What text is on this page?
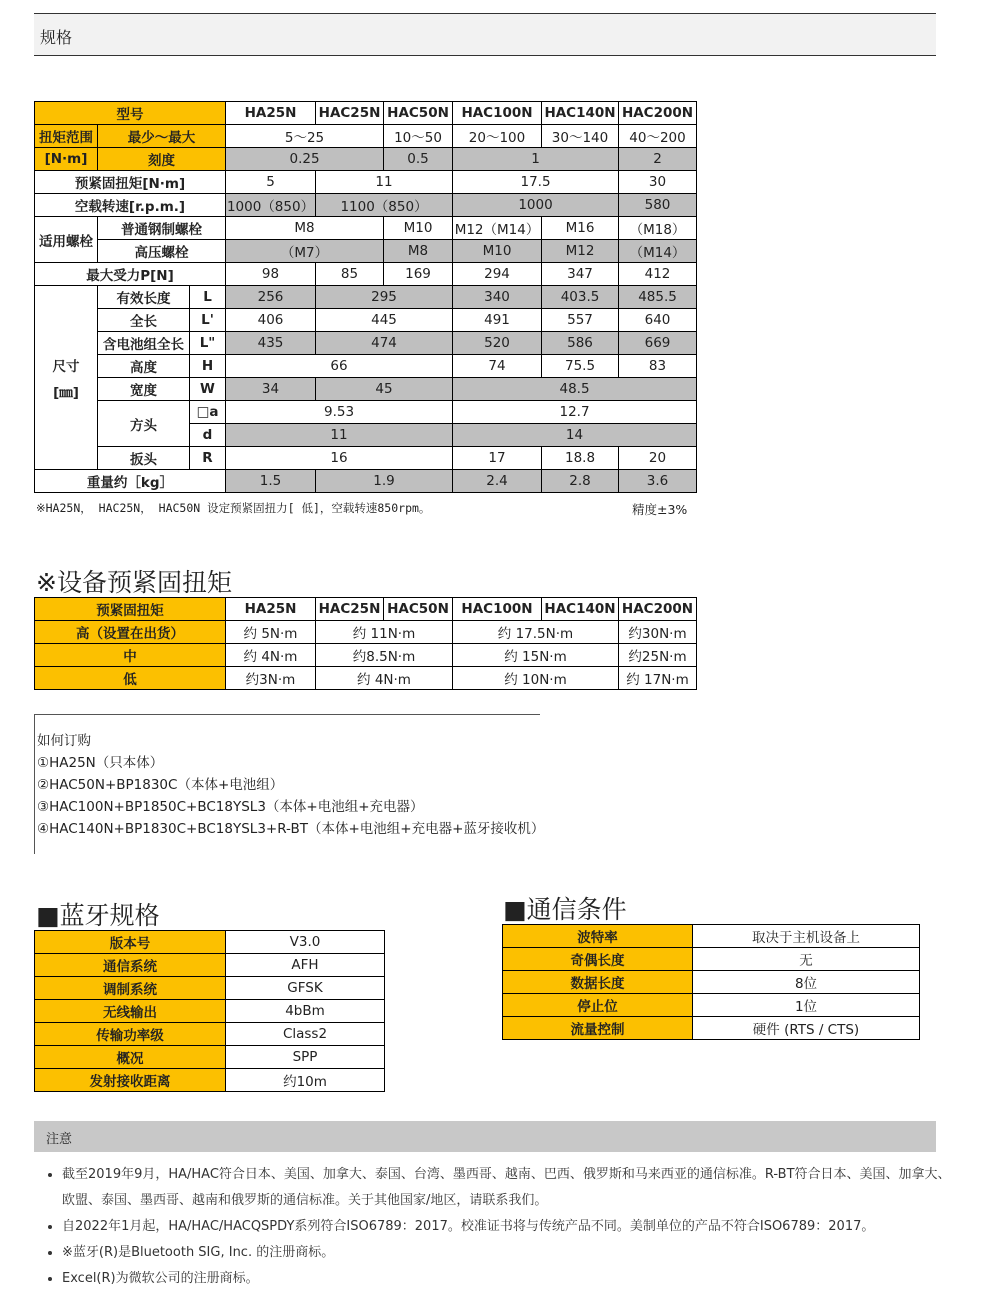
规格
型号			HA25N	HAC25N	HAC50N	HAC100N	HAC140N	HAC200N
扭矩范围	最少〜最大		5～25		10～50	20～100	30～140	40～200
[N·m]	刻度		0.25		0.5	1		2
预紧固扭矩[N·m]			5	11		17.5		30
空载转速[r.p.m.]			1000（850）	1100（850）		1000		580
适用螺栓	普通钢制螺栓		M8		M10	M12（M14）	M16	（M18）
	高压螺栓		（M7）		M8	M10	M12	（M14）
最大受力P[N]			98	85	169	294	347	412

尺寸
[㎜]	有效长度	L	256	295		340	403.5	485.5
	全长	L'	406	445		491	557	640
	含电池组全长	L"	435	474		520	586	669
	高度	H	66			74	75.5	83
	宽度	W	34	45		48.5		
	方头	□a	9.53			12.7		
		d	11			14		
	扳头	R	16			17	18.8	20
重量约［kg］			1.5	1.9		2.4	2.8	3.6
※HA25N， HAC25N， HAC50N 设定预紧固扭力[ 低]，空载转速850rpm。	精度±3%
※设备预紧固扭矩
预紧固扭矩	HA25N	HAC25N	HAC50N	HAC100N	HAC140N	HAC200N
高（设置在出货）	约 5N·m	约 11N·m		约 17.5N·m		约30N·m
中	约 4N·m	约8.5N·m		约 15N·m		约25N·m
低	约3N·m	约 4N·m		约 10N·m		约 17N·m
如何订购
①HA25N（只本体）
②HAC50N+BP1830C（本体+电池组）
③HAC100N+BP1850C+BC18YSL3（本体+电池组+充电器）
④HAC140N+BP1830C+BC18YSL3+R-BT（本体+电池组+充电器+蓝牙接收机）
■蓝牙规格
版本号	V3.0
通信系统	AFH
调制系统	GFSK
无线输出	4bBm
传输功率级	Class2
概况	SPP
发射接收距离	约10m
■通信条件
波特率	取决于主机设备上
奇偶长度	无
数据长度	8位
停止位	1位
流量控制	硬件 (RTS / CTS)
注意
• 截至2019年9月，HA/HAC符合日本、美国、加拿大、泰国、台湾、墨西哥、越南、巴西、俄罗斯和马来西亚的通信标准。R-BT符合日本、美国、加拿大、欧盟、泰国、墨西哥、越南和俄罗斯的通信标准。关于其他国家/地区，请联系我们。
• 自2022年1月起，HA/HAC/HACQSPDY系列符合ISO6789：2017。校准证书将与传统产品不同。美制单位的产品不符合ISO6789：2017。
• ※蓝牙(R)是Bluetooth SIG, Inc. 的注册商标。
• Excel(R)为微软公司的注册商标。
